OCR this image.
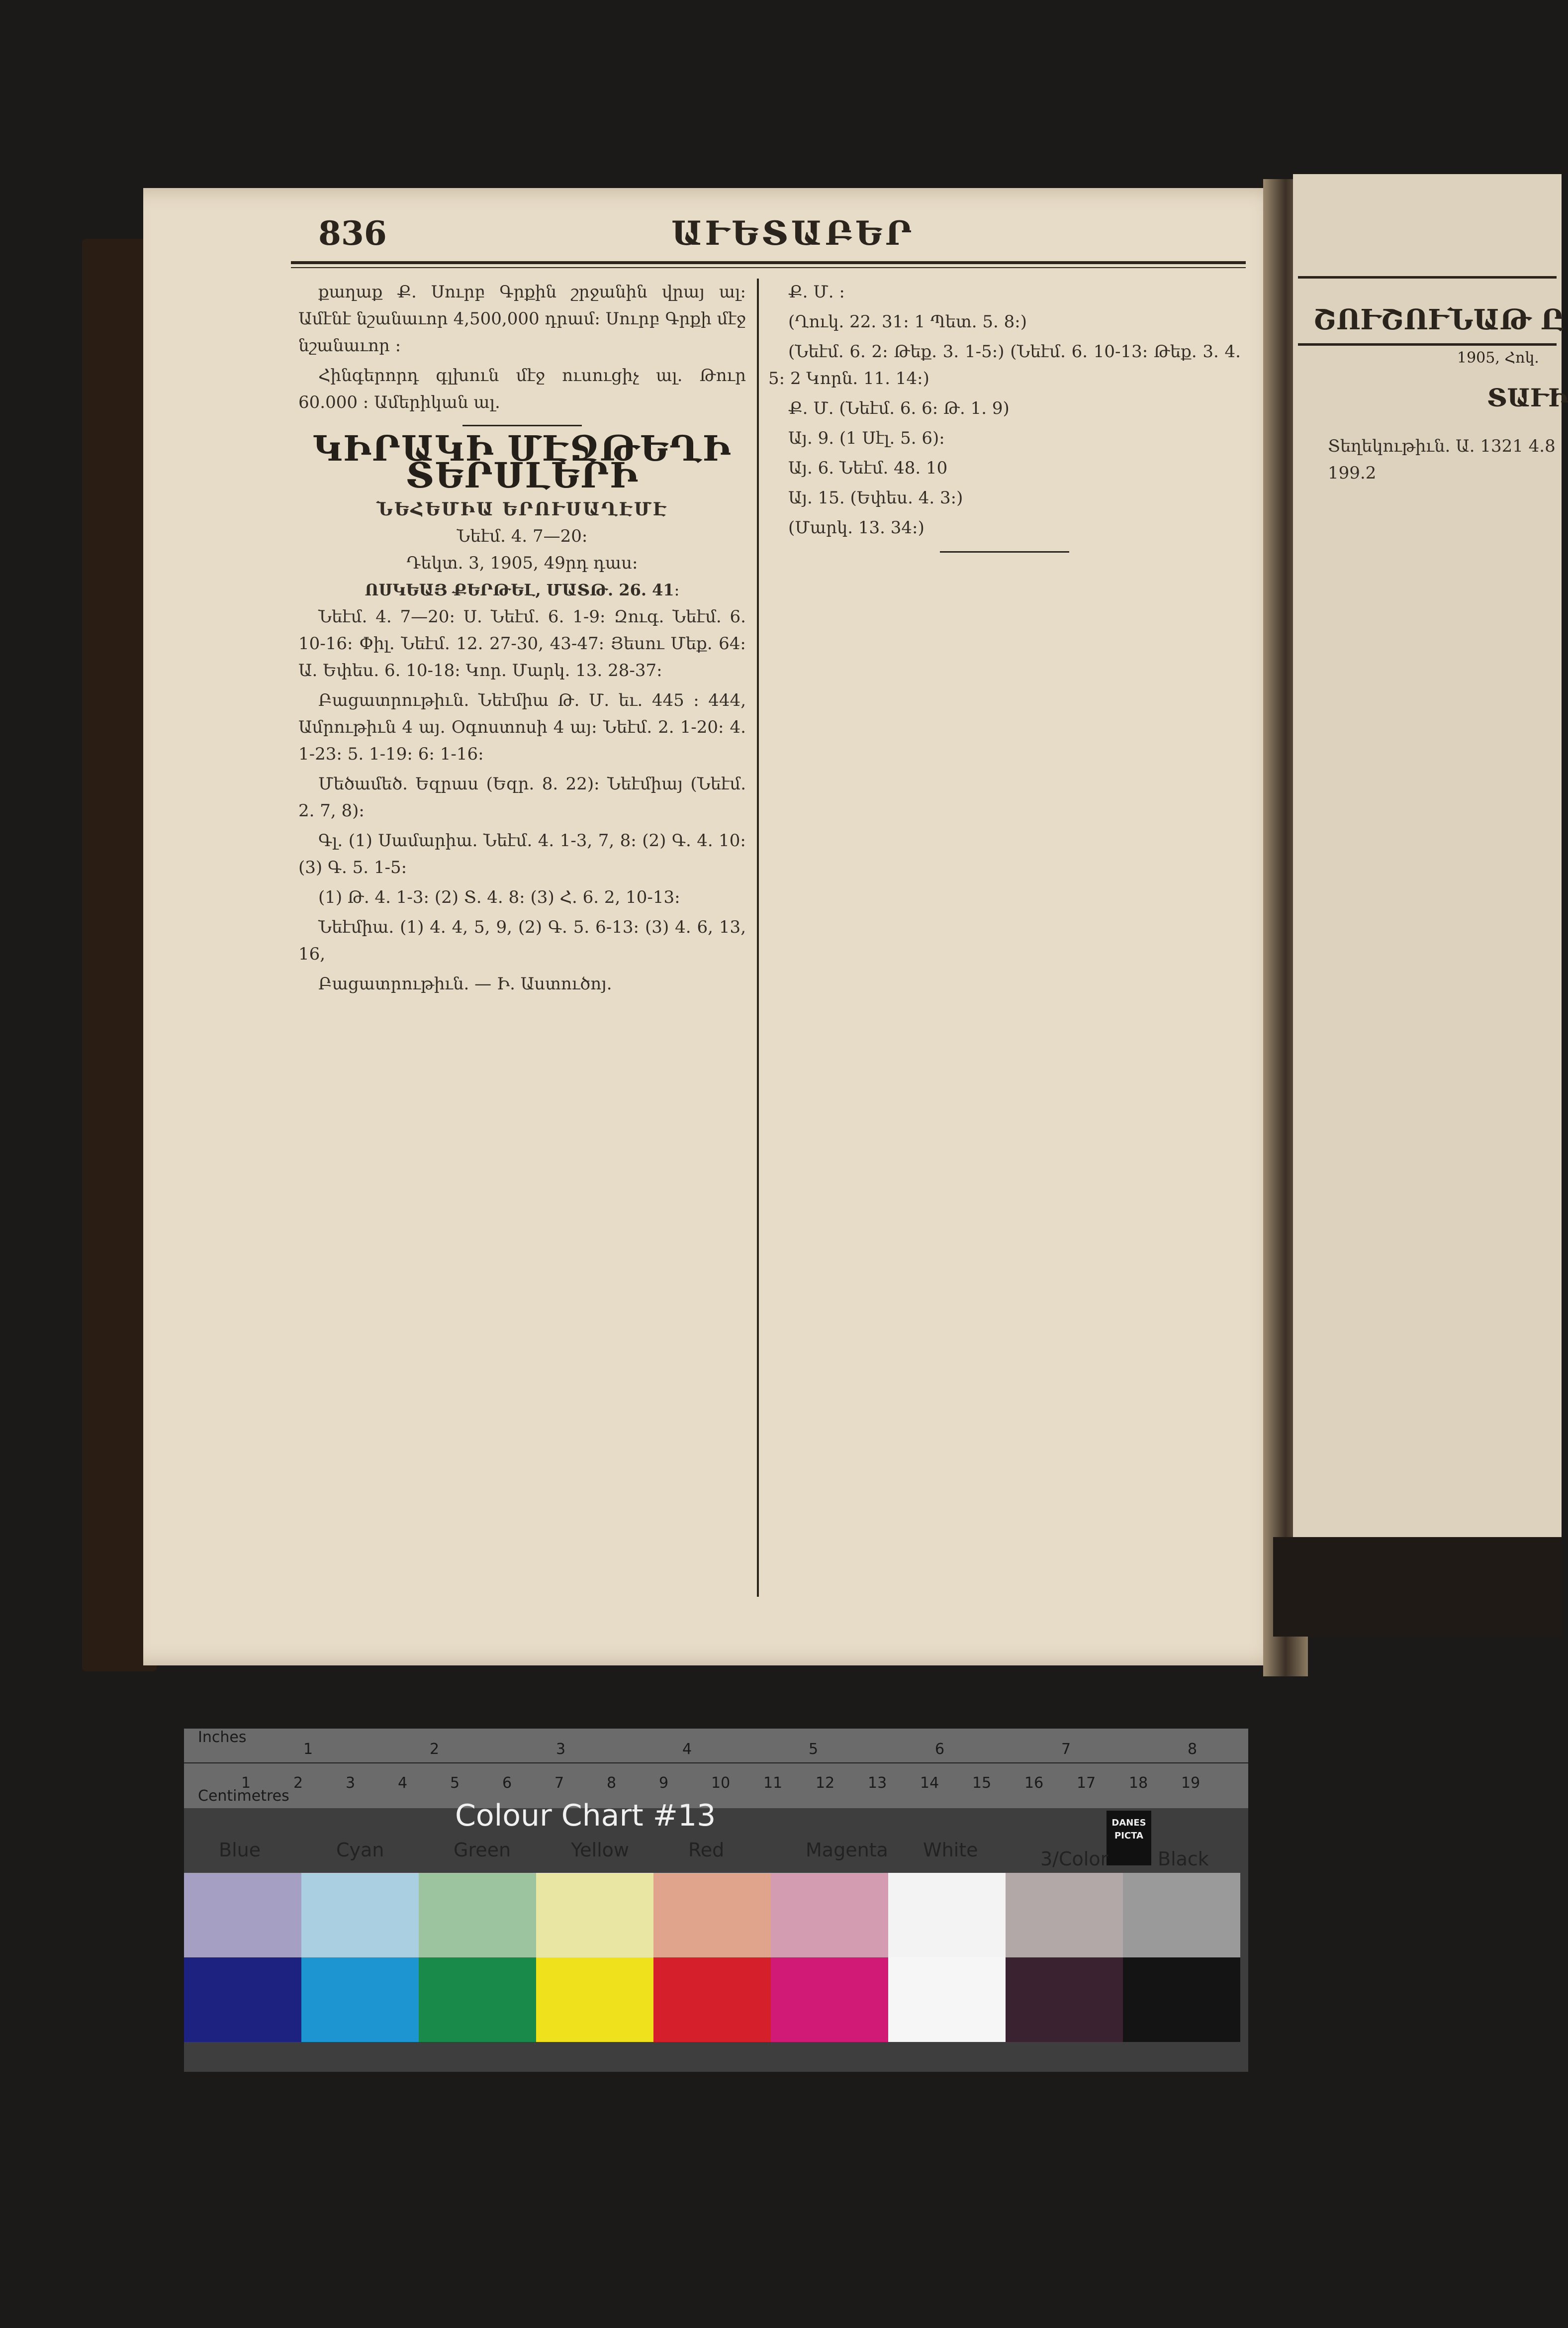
836	ԱՒԵՏԱԲԵՐ

քաղաք Ք. Սուրբ Գրքին շրջանին վրայ ալ: Ամէնէ նշանաւոր 4,500,000 դրամ։ Սուրբ Գրքի մէջ նշանաւոր ։

Հինգերորդ գլխուն մէջ ուսուցիչ ալ. Թուր 60.000 ։ Ամերիկան ալ.

ԿԻՐԱԿԻ ՄԷՋԹԵՂԻ ՏԵՐՍԼԵՐԻ
ՆԵՀԵՄԻԱ ԵՐՈՒՍԱՂԷՄԷ
Նեէմ. 4. 7—20։
Դեկտ. 3, 1905, 49րդ դաս։
ՈՍԿԵԱՅ ՔԵՐԹԵԼ, ՄԱՏԹ. 26. 41։

Նեէմ. 4. 7—20։ Ս. Նեէմ. 6. 1-9։ Զուգ. Նեէմ. 6. 10-16։ Փիլ. Նեէմ. 12. 27-30, 43-47։ Յեսու Մեք. 64։ Ա. Եփես. 6. 10-18։ Կոր. Մարկ. 13. 28-37։

Բացատրութիւն. Նեէմիա Թ. Մ. եւ. 445 ։ 444, Ամրութիւն 4 այ. Օգոստոսի 4 այ։ Նեէմ. 2. 1-20։ 4. 1-23։ 5. 1-19։ 6։ 1-16։

Մեծամեծ. Եզրաս (Եզր. 8. 22)։ Նեէմիայ (Նեէմ. 2. 7, 8)։

Գլ. (1) Սամարիա. Նեէմ. 4. 1-3, 7, 8։ (2) Գ. 4. 10։ (3) Գ. 5. 1-5։

(1) Թ. 4. 1-3։ (2) Տ. 4. 8։ (3) Հ. 6. 2, 10-13։

Նեէմիա. (1) 4. 4, 5, 9, (2) Գ. 5. 6-13։ (3) 4. 6, 13, 16,

Բացատրութիւն. — Ի. Աստուծոյ.

Ք. Մ. ։

(Ղուկ. 22. 31։ 1 Պետ. 5. 8։)

(Նեէմ. 6. 2։ Թեք. 3. 1-5։) (Նեէմ. 6. 10-13։ Թեք. 3. 4. 5։ 2 Կորն. 11. 14։)

Ք. Մ. (Նեէմ. 6. 6։ Թ. 1. 9)

Այ. 9. (1 Սէլ. 5. 6)։

Այ. 6. Նեէմ. 48. 10

Այ. 15. (Եփես. 4. 3։)

(Մարկ. 13. 34։)

ՇՈՒՇՈՒՆԱԹ Ը
1905, Հոկ.
ՏԱՒԻ
Տեղեկութիւն. Ա. 1321 4.8 199.2
Inches
Centimetres
1	2	3	4	5	6	7	8
1	2	3	4	5	6	7	8	9	10 11 12 13 14 15 16 17 18 19
Colour Chart #13	DANES PICTA
Blue	Cyan	Green	Yellow	Red	Magenta White	3/Color	Black
